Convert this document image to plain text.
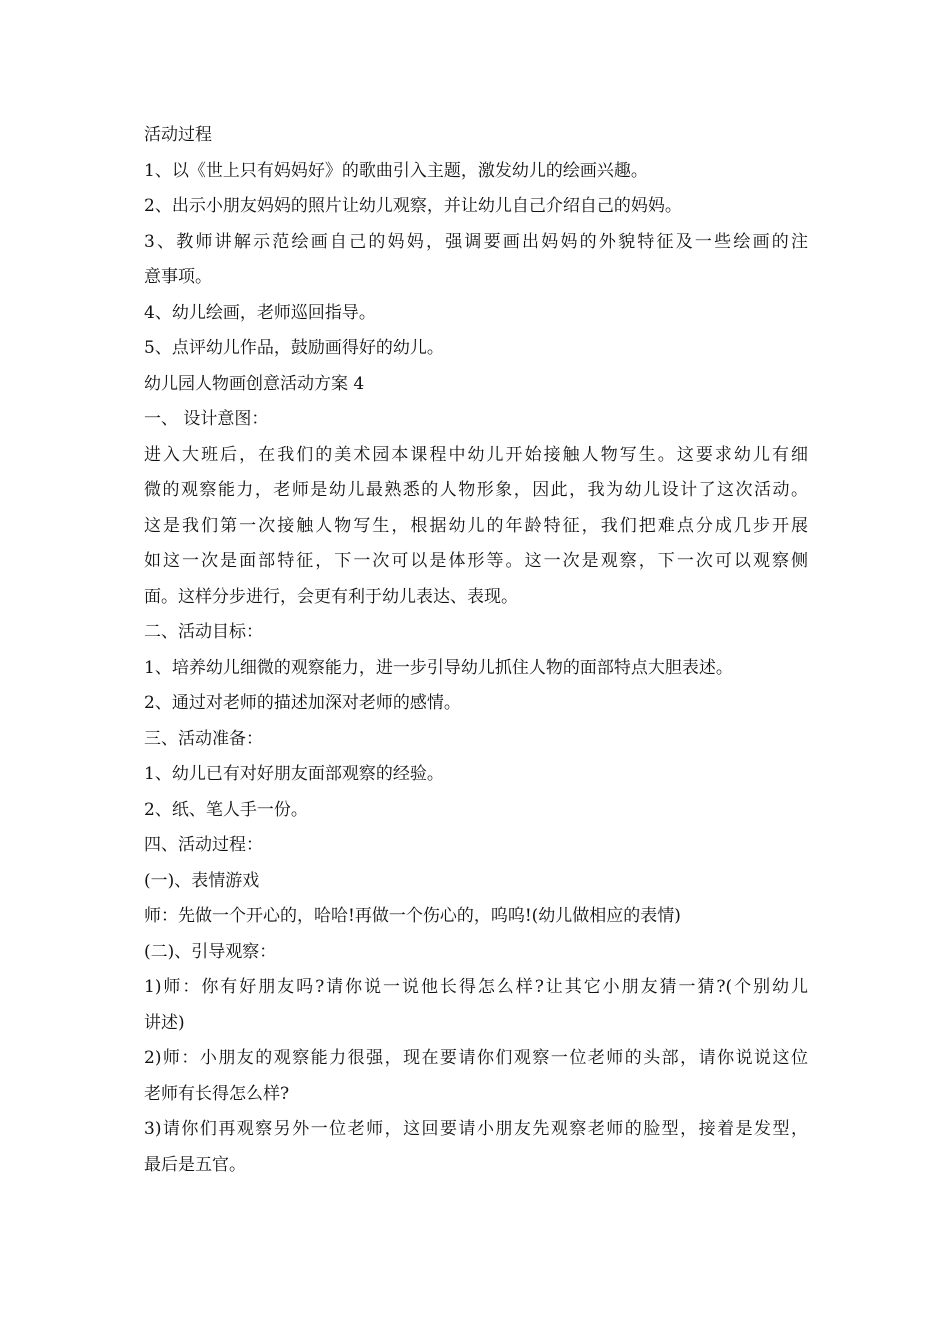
活动过程
1、以《世上只有妈妈好》的歌曲引入主题，激发幼儿的绘画兴趣。
2、出示小朋友妈妈的照片让幼儿观察，并让幼儿自己介绍自己的妈妈。
3、教师讲解示范绘画自己的妈妈，强调要画出妈妈的外貌特征及一些绘画的注
意事项。
4、幼儿绘画，老师巡回指导。
5、点评幼儿作品，鼓励画得好的幼儿。
幼儿园人物画创意活动方案 4
一、 设计意图：
进入大班后，在我们的美术园本课程中幼儿开始接触人物写生。这要求幼儿有细
微的观察能力，老师是幼儿最熟悉的人物形象，因此，我为幼儿设计了这次活动。
这是我们第一次接触人物写生，根据幼儿的年龄特征，我们把难点分成几步开展
如这一次是面部特征，下一次可以是体形等。这一次是观察，下一次可以观察侧
面。这样分步进行，会更有利于幼儿表达、表现。
二、活动目标：
1、培养幼儿细微的观察能力，进一步引导幼儿抓住人物的面部特点大胆表述。
2、通过对老师的描述加深对老师的感情。
三、活动准备：
1、幼儿已有对好朋友面部观察的经验。
2、纸、笔人手一份。
四、活动过程：
(一)、表情游戏
师：先做一个开心的，哈哈!再做一个伤心的，呜呜!(幼儿做相应的表情)
(二)、引导观察：
1)师：你有好朋友吗?请你说一说他长得怎么样?让其它小朋友猜一猜?(个别幼儿
讲述)
2)师：小朋友的观察能力很强，现在要请你们观察一位老师的头部，请你说说这位
老师有长得怎么样?
3)请你们再观察另外一位老师，这回要请小朋友先观察老师的脸型，接着是发型，
最后是五官。
